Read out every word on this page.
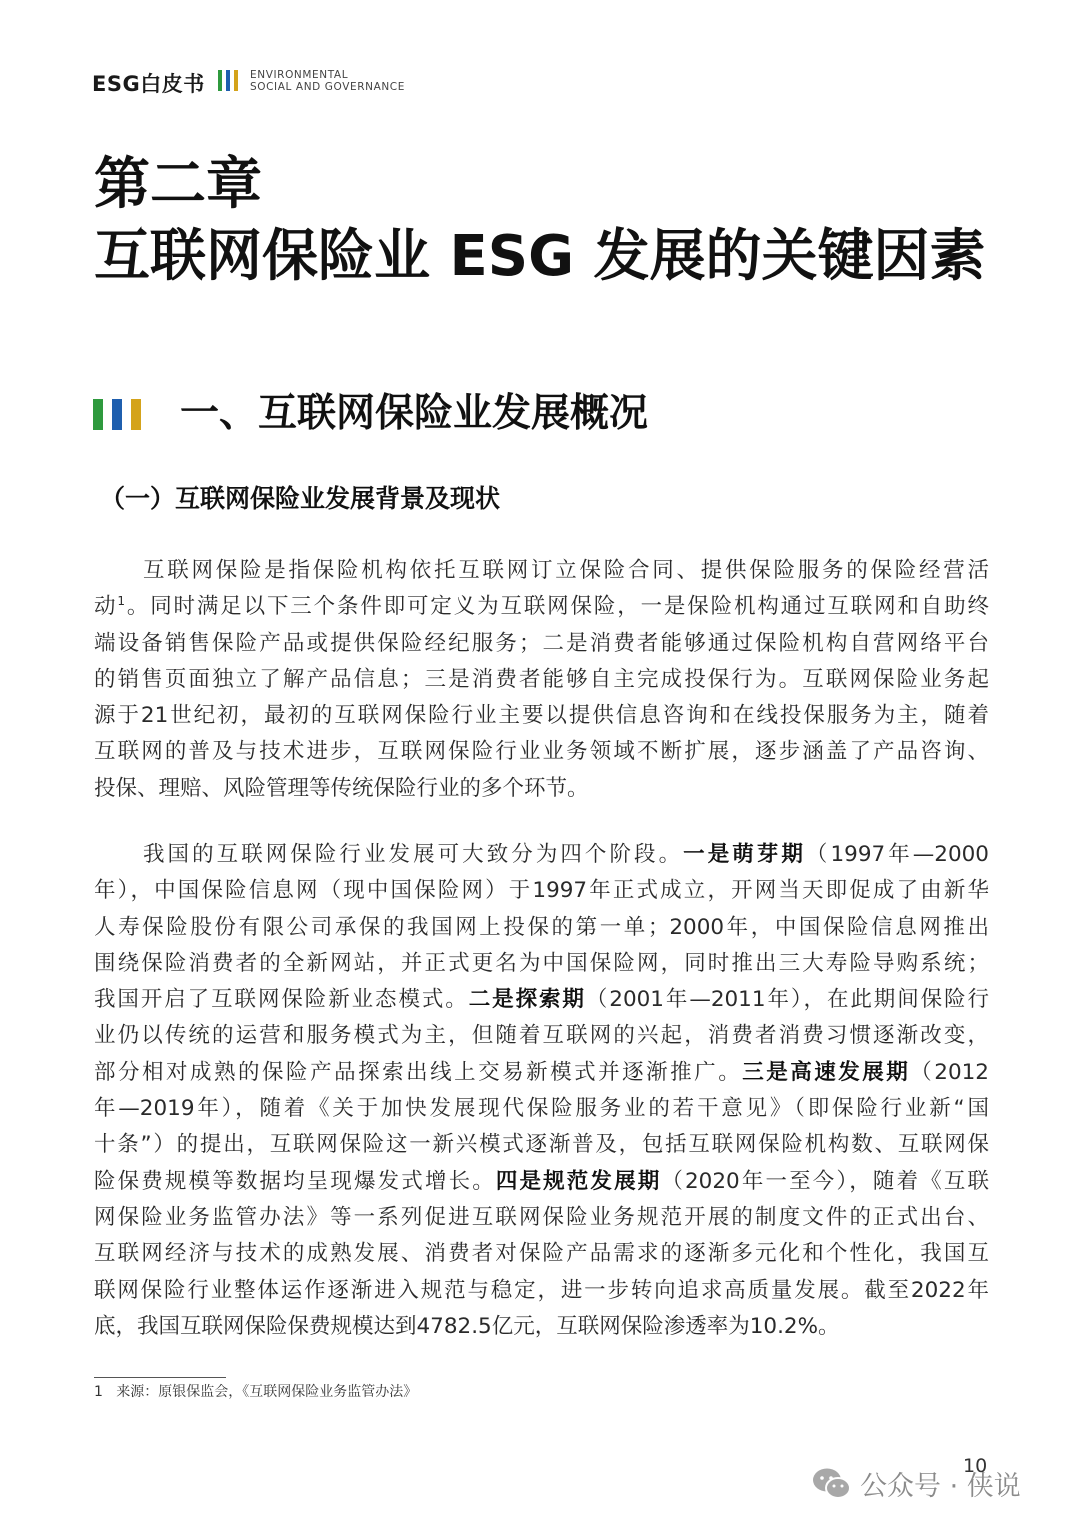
ESG白皮书	ENVIRONMENTAL
SOCIAL AND GOVERNANCE
第二章
互联网保险业 ESG 发展的关键因素
一、互联网保险业发展概况
（一）互联网保险业发展背景及现状
互联网保险是指保险机构依托互联网订立保险合同、提供保险服务的保险经营活
动$^1$。同时满足以下三个条件即可定义为互联网保险，一是保险机构通过互联网和自助终
端设备销售保险产品或提供保险经纪服务；二是消费者能够通过保险机构自营网络平台
的销售页面独立了解产品信息；三是消费者能够自主完成投保行为。互联网保险业务起
源于21世纪初，最初的互联网保险行业主要以提供信息咨询和在线投保服务为主，随着
互联网的普及与技术进步，互联网保险行业业务领域不断扩展，逐步涵盖了产品咨询、
投保、理赔、风险管理等传统保险行业的多个环节。
我国的互联网保险行业发展可大致分为四个阶段。一是萌芽期（1997年—2000
年），中国保险信息网（现中国保险网）于1997年正式成立，开网当天即促成了由新华
人寿保险股份有限公司承保的我国网上投保的第一单；2000年，中国保险信息网推出
围绕保险消费者的全新网站，并正式更名为中国保险网，同时推出三大寿险导购系统；
我国开启了互联网保险新业态模式。二是探索期（2001年—2011年），在此期间保险行
业仍以传统的运营和服务模式为主，但随着互联网的兴起，消费者消费习惯逐渐改变，
部分相对成熟的保险产品探索出线上交易新模式并逐渐推广。三是高速发展期（2012
年—2019年），随着《关于加快发展现代保险服务业的若干意见》（即保险行业新“国
十条”）的提出，互联网保险这一新兴模式逐渐普及，包括互联网保险机构数、互联网保
险保费规模等数据均呈现爆发式增长。四是规范发展期（2020年一至今），随着《互联
网保险业务监管办法》等一系列促进互联网保险业务规范开展的制度文件的正式出台、
互联网经济与技术的成熟发展、消费者对保险产品需求的逐渐多元化和个性化，我国互
联网保险行业整体运作逐渐进入规范与稳定，进一步转向追求高质量发展。截至2022年
底，我国互联网保险保费规模达到4782.5亿元，互联网保险渗透率为10.2%。
1 来源：原银保监会，《互联网保险业务监管办法》
10
公众号 · 侠说
